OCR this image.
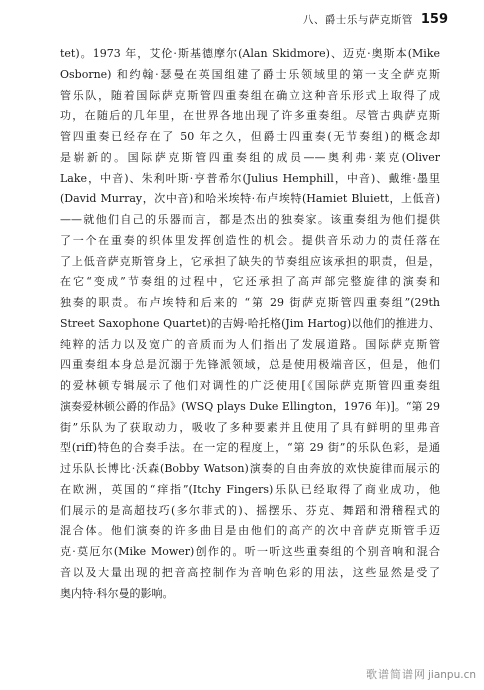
八、爵士乐与萨克斯管 159
tet)。1973 年，艾伦·斯基德摩尔(Alan Skidmore)、迈克·奥斯本(Mike
Osborne) 和约翰·瑟曼在英国组建了爵士乐领域里的第一支全萨克斯
管乐队，随着国际萨克斯管四重奏组在确立这种音乐形式上取得了成
功，在随后的几年里，在世界各地出现了许多重奏组。尽管古典萨克斯
管四重奏已经存在了 50 年之久，但爵士四重奏(无节奏组)的概念却
是崭新的。国际萨克斯管四重奏组的成员——奥利弗·莱克(Oliver
Lake，中音)、朱利叶斯·亨普希尔(Julius Hemphill，中音)、戴维·墨里
(David Murray，次中音)和哈米埃特·布卢埃特(Hamiet Bluiett，上低音)
——就他们自己的乐器而言，都是杰出的独奏家。该重奏组为他们提供
了一个在重奏的织体里发挥创造性的机会。提供音乐动力的责任落在
了上低音萨克斯管身上，它承担了缺失的节奏组应该承担的职责，但是，
在它“变成”节奏组的过程中，它还承担了高声部完整旋律的演奏和
独奏的职责。布卢埃特和后来的 “第 29 街萨克斯管四重奏组”(29th
Street Saxophone Quartet)的吉姆·哈托格(Jim Hartog)以他们的推进力、
纯粹的活力以及宽广的音质而为人们指出了发展道路。国际萨克斯管
四重奏组本身总是沉溺于先锋派领域，总是使用极端音区，但是，他们
的爱林顿专辑展示了他们对调性的广泛使用[《国际萨克斯管四重奏组
演奏爱林顿公爵的作品》(WSQ plays Duke Ellington，1976 年)]。“第 29
街”乐队为了获取动力，吸收了多种要素并且使用了具有鲜明的里弗音
型(riff)特色的合奏手法。在一定的程度上，“第 29 街”的乐队色彩，是通
过乐队长博比·沃森(Bobby Watson)演奏的自由奔放的欢快旋律而展示的
在欧洲，英国的“痒指”(Itchy Fingers)乐队已经取得了商业成功，他
们展示的是高超技巧(多尔菲式的)、摇摆乐、芬克、舞蹈和滑稽程式的
混合体。他们演奏的许多曲目是由他们的高产的次中音萨克斯管手迈
克·莫厄尔(Mike Mower)创作的。听一听这些重奏组的个别音响和混合
音以及大量出现的把音高控制作为音响色彩的用法，这些显然是受了
奥内特·科尔曼的影响。
歌谱简谱网 jianpu.cn
